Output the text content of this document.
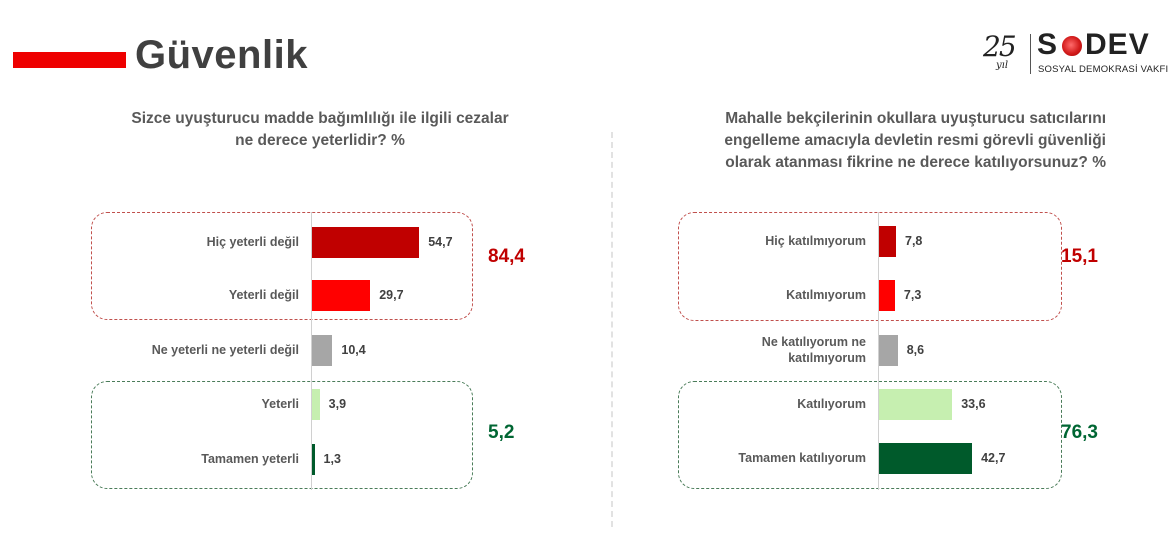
Güvenlik	25
yıl
S DEV
SOSYAL DEMOKRASİ VAKFI
Sizce uyuşturucu madde bağımlılığı ile ilgili cezalar
ne derece yeterlidir? %
Hiç yeterli değil	54,7
Yeterli değil	29,7
Ne yeterli ne yeterli değil	10,4
Yeterli 3,9
Tamamen yeterli 1,3
84,4
5,2
Mahalle bekçilerinin okullara uyuşturucu satıcılarını
engelleme amacıyla devletin resmi görevli güvenliği
olarak atanması fikrine ne derece katılıyorsunuz? %
Hiç katılmıyorum	7,8
Katılmıyorum	7,3
Ne katılıyorum ne
katılmıyorum
8,6
Katılıyorum	33,6
Tamamen katılıyorum	42,7
15,1
76,3
